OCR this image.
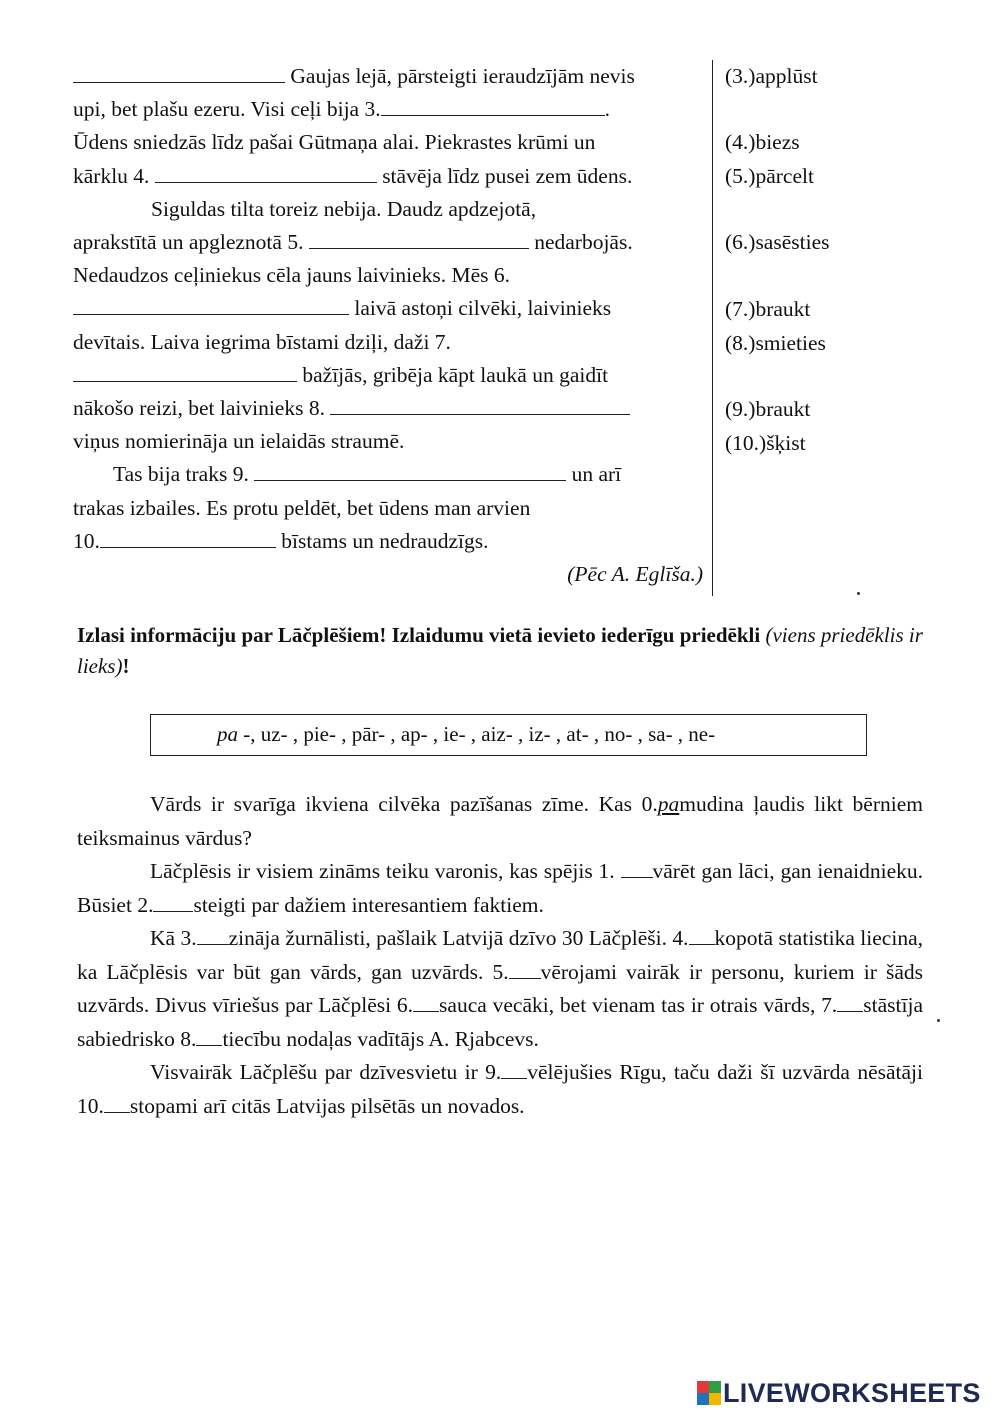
Gaujas lejā, pārsteigti ieraudzījām nevis

upi, bet plašu ezeru. Visi ceļi bija 3.	.

Ūdens sniedzās līdz pašai Gūtmaņa alai. Piekrastes krūmi un

kārklu 4.	stāvēja līdz pusei zem ūdens.

Siguldas tilta toreiz nebija. Daudz apdzejotā,

aprakstītā un apgleznotā 5.	nedarbojās.

Nedaudzos ceļiniekus cēla jauns laivinieks. Mēs 6.

laivā astoņi cilvēki, laivinieks

devītais. Laiva iegrima bīstami dziļi, daži 7.

bažījās, gribēja kāpt laukā un gaidīt

nākošo reizi, bet laivinieks 8.

viņus nomierināja un ielaidās straumē.

Tas bija traks 9.	un arī

trakas izbailes. Es protu peldēt, bet ūdens man arvien

10.	bīstams un nedraudzīgs.

(Pēc A. Eglīša.)

(3.)applūst
(4.)biezs
(5.)pārcelt
(6.)sasēsties
(7.)braukt
(8.)smieties
(9.)braukt
(10.)šķist
Izlasi informāciju par Lāčplēšiem! Izlaidumu vietā ievieto iederīgu priedēkli (viens priedēklis ir lieks)!
pa -, uz- , pie- , pār- , ap- , ie- , aiz- , iz- , at- , no- , sa- , ne-

Vārds ir svarīga ikviena cilvēka pazīšanas zīme. Kas 0.pamudina ļaudis likt bērniem teiksmainus vārdus?

Lāčplēsis ir visiem zināms teiku varonis, kas spējis 1. vārēt gan lāci, gan ienaidnieku. Būsiet 2. steigti par dažiem interesantiem faktiem.

Kā 3. zināja žurnālisti, pašlaik Latvijā dzīvo 30 Lāčplēši. 4. kopotā statistika liecina, ka Lāčplēsis var būt gan vārds, gan uzvārds. 5. vērojami vairāk ir personu, kuriem ir šāds uzvārds. Divus vīriešus par Lāčplēsi 6. sauca vecāki, bet vienam tas ir otrais vārds, 7. stāstīja sabiedrisko 8. tiecību nodaļas vadītājs A. Rjabcevs.

Visvairāk Lāčplēšu par dzīvesvietu ir 9. vēlējušies Rīgu, taču daži šī uzvārda nēsātāji 10. stopami arī citās Latvijas pilsētās un novados.

LIVEWORKSHEETS
